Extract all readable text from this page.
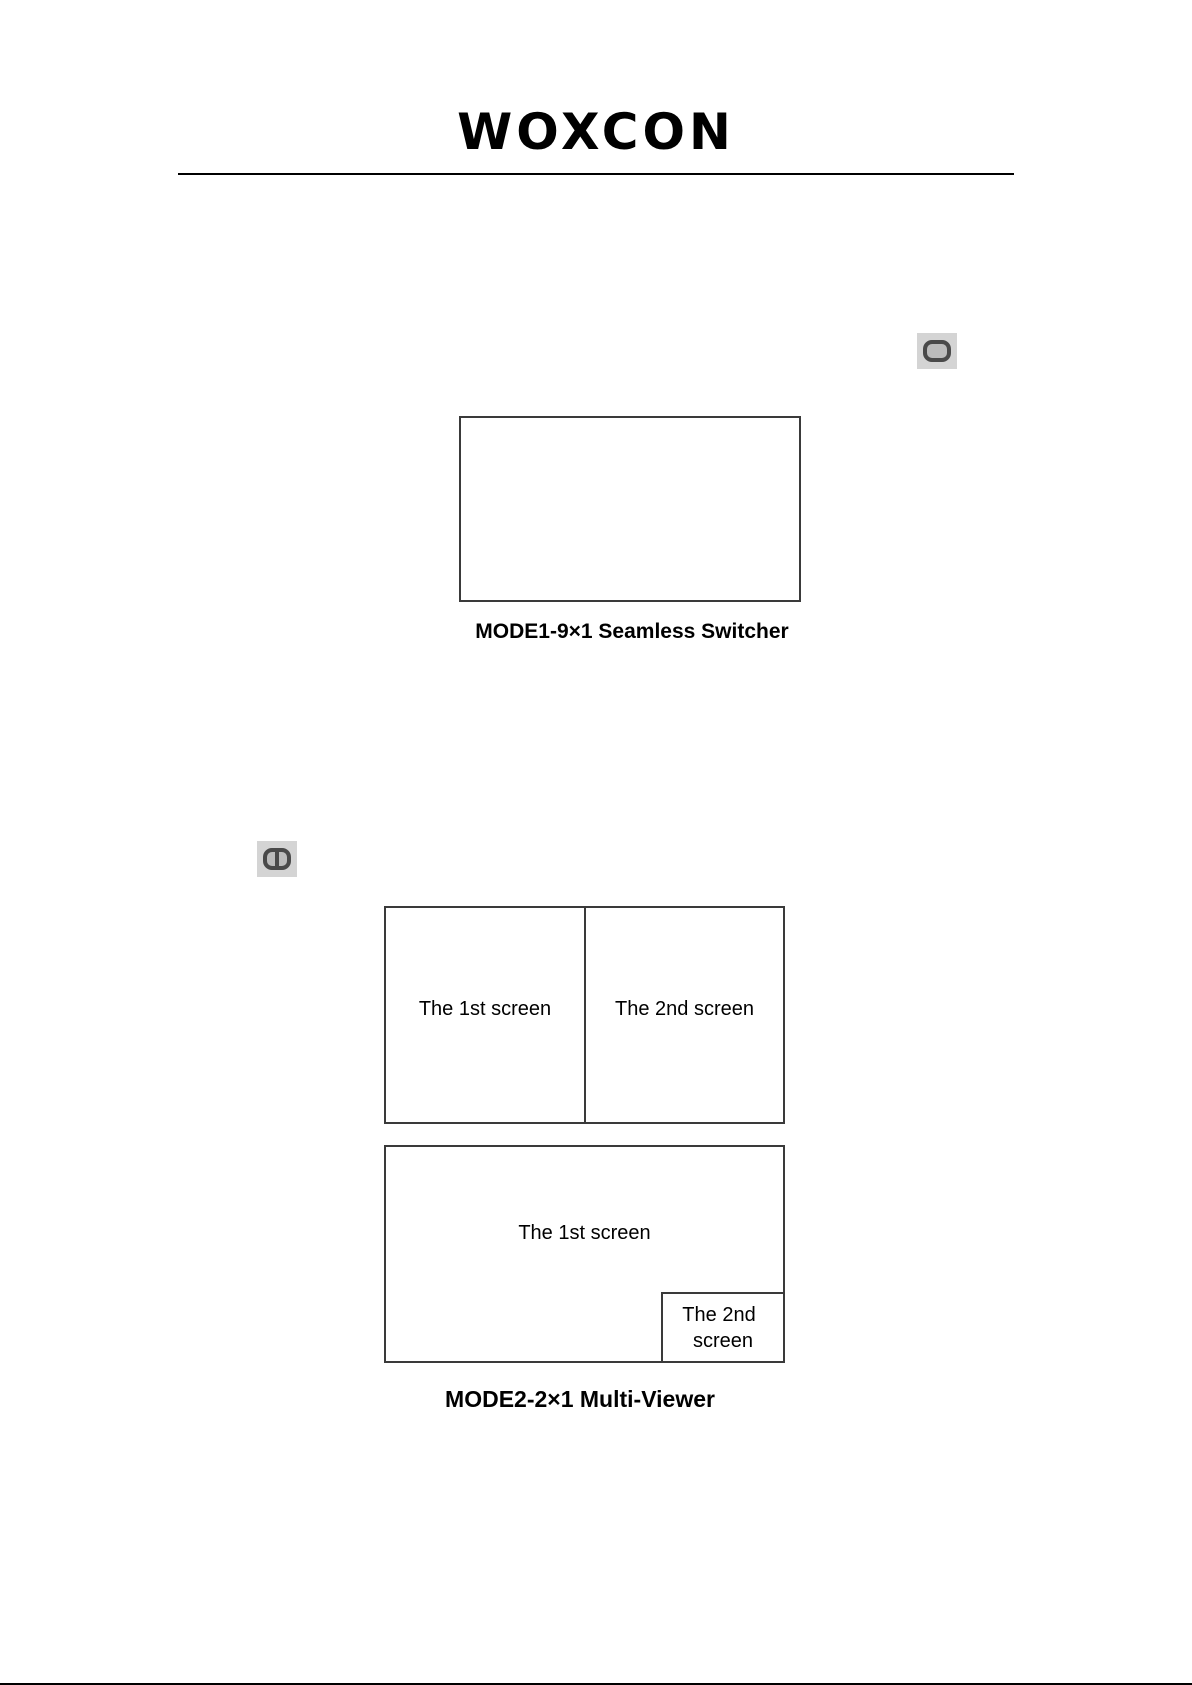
WOXCON
MODE1-9×1 Seamless Switcher
The 1st screen	The 2nd screen
The 1st screen
The 2nd
screen
MODE2-2×1 Multi-Viewer
